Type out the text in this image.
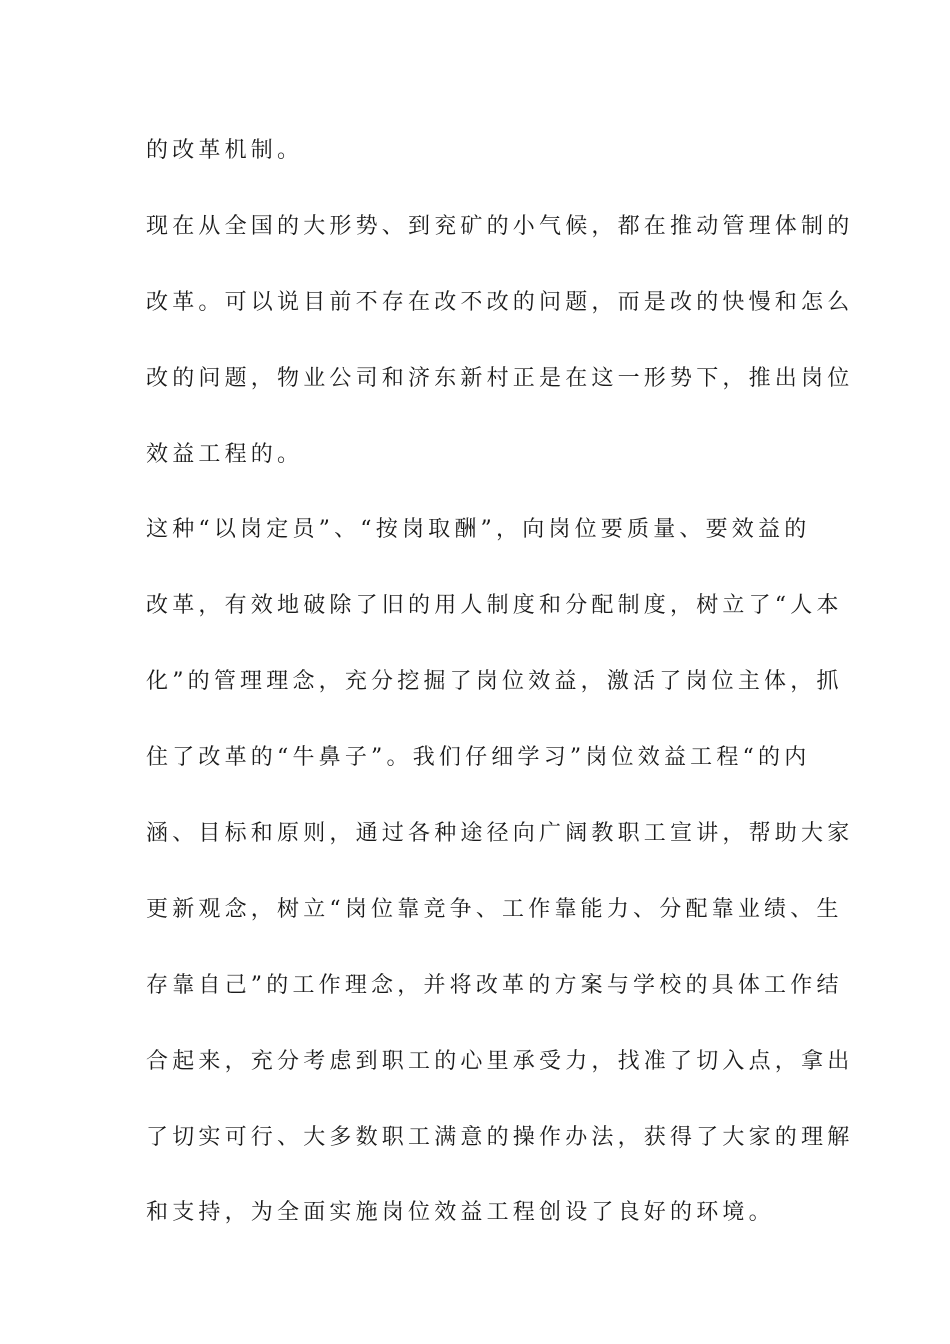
的改革机制。
现在从全国的大形势、到兖矿的小气候，都在推动管理体制的
改革。可以说目前不存在改不改的问题，而是改的快慢和怎么
改的问题，物业公司和济东新村正是在这一形势下，推出岗位
效益工程的。
这种“以岗定员”、“按岗取酬”，向岗位要质量、要效益的
改革，有效地破除了旧的用人制度和分配制度，树立了“人本
化”的管理理念，充分挖掘了岗位效益，激活了岗位主体，抓
住了改革的“牛鼻子”。我们仔细学习”岗位效益工程“的内
涵、目标和原则，通过各种途径向广阔教职工宣讲，帮助大家
更新观念，树立“岗位靠竞争、工作靠能力、分配靠业绩、生
存靠自己”的工作理念，并将改革的方案与学校的具体工作结
合起来，充分考虑到职工的心里承受力，找准了切入点，拿出
了切实可行、大多数职工满意的操作办法，获得了大家的理解
和支持，为全面实施岗位效益工程创设了良好的环境。
